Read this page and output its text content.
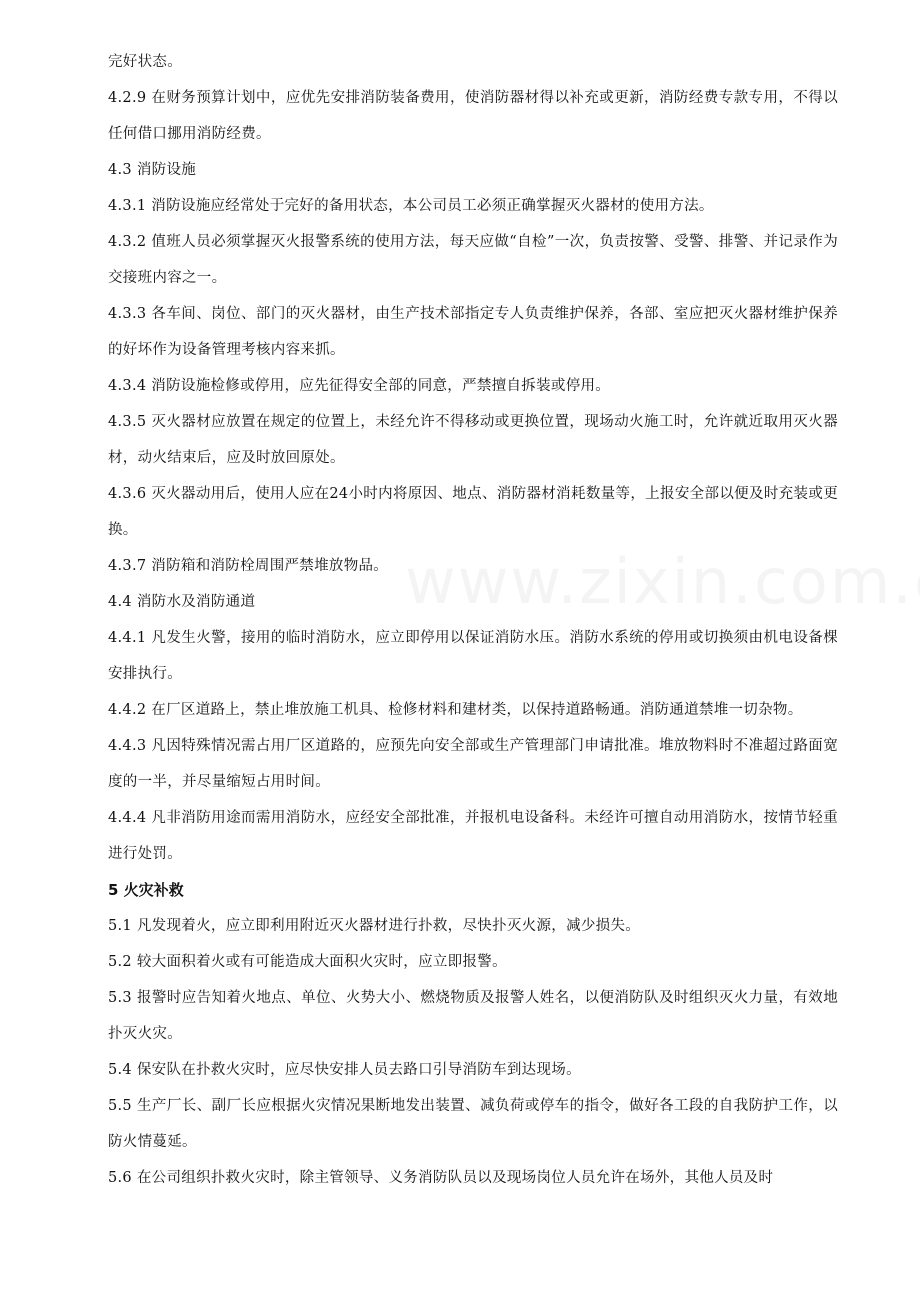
完好状态。

4.2.9 在财务预算计划中，应优先安排消防装备费用，使消防器材得以补充或更新，消防经费专款专用，不得以任何借口挪用消防经费。

4.3 消防设施

4.3.1 消防设施应经常处于完好的备用状态，本公司员工必须正确掌握灭火器材的使用方法。

4.3.2 值班人员必须掌握灭火报警系统的使用方法，每天应做“自检”一次，负责按警、受警、排警、并记录作为交接班内容之一。

4.3.3 各车间、岗位、部门的灭火器材，由生产技术部指定专人负责维护保养，各部、室应把灭火器材维护保养的好坏作为设备管理考核内容来抓。

4.3.4 消防设施检修或停用，应先征得安全部的同意，严禁擅自拆装或停用。

4.3.5 灭火器材应放置在规定的位置上，未经允许不得移动或更换位置，现场动火施工时，允许就近取用灭火器材，动火结束后，应及时放回原处。

4.3.6 灭火器动用后，使用人应在24小时内将原因、地点、消防器材消耗数量等，上报安全部以便及时充装或更换。

4.3.7 消防箱和消防栓周围严禁堆放物品。

4.4 消防水及消防通道

4.4.1 凡发生火警，接用的临时消防水，应立即停用以保证消防水压。消防水系统的停用或切换须由机电设备棵安排执行。

4.4.2 在厂区道路上，禁止堆放施工机具、检修材料和建材类，以保持道路畅通。消防通道禁堆一切杂物。

4.4.3 凡因特殊情况需占用厂区道路的，应预先向安全部或生产管理部门申请批准。堆放物料时不准超过路面宽度的一半，并尽量缩短占用时间。

4.4.4 凡非消防用途而需用消防水，应经安全部批准，并报机电设备科。未经许可擅自动用消防水，按情节轻重进行处罚。

5 火灾补救

5.1 凡发现着火，应立即利用附近灭火器材进行扑救，尽快扑灭火源，减少损失。

5.2 较大面积着火或有可能造成大面积火灾时，应立即报警。

5.3 报警时应告知着火地点、单位、火势大小、燃烧物质及报警人姓名，以便消防队及时组织灭火力量，有效地扑灭火灾。

5.4 保安队在扑救火灾时，应尽快安排人员去路口引导消防车到达现场。

5.5 生产厂长、副厂长应根据火灾情况果断地发出装置、减负荷或停车的指令，做好各工段的自我防护工作，以防火情蔓延。

5.6 在公司组织扑救火灾时，除主管领导、义务消防队员以及现场岗位人员允许在场外，其他人员及时
